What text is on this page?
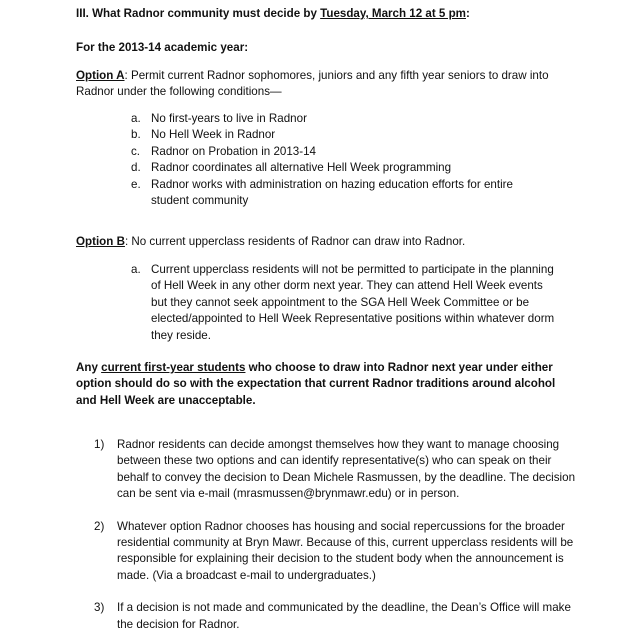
III. What Radnor community must decide by Tuesday, March 12 at 5 pm:

For the 2013-14 academic year:

Option A: Permit current Radnor sophomores, juniors and any fifth year seniors to draw into Radnor under the following conditions—

a. No first-years to live in Radnor
b. No Hell Week in Radnor
c. Radnor on Probation in 2013-14
d. Radnor coordinates all alternative Hell Week programming
e. Radnor works with administration on hazing education efforts for entire student community

Option B: No current upperclass residents of Radnor can draw into Radnor.

a. Current upperclass residents will not be permitted to participate in the planning of Hell Week in any other dorm next year. They can attend Hell Week events but they cannot seek appointment to the SGA Hell Week Committee or be elected/appointed to Hell Week Representative positions within whatever dorm they reside.

Any current first-year students who choose to draw into Radnor next year under either option should do so with the expectation that current Radnor traditions around alcohol and Hell Week are unacceptable.

1) Radnor residents can decide amongst themselves how they want to manage choosing between these two options and can identify representative(s) who can speak on their behalf to convey the decision to Dean Michele Rasmussen, by the deadline. The decision can be sent via e-mail (mrasmussen@brynmawr.edu) or in person.
2) Whatever option Radnor chooses has housing and social repercussions for the broader residential community at Bryn Mawr. Because of this, current upperclass residents will be responsible for explaining their decision to the student body when the announcement is made. (Via a broadcast e-mail to undergraduates.)
3) If a decision is not made and communicated by the deadline, the Dean’s Office will make the decision for Radnor.
